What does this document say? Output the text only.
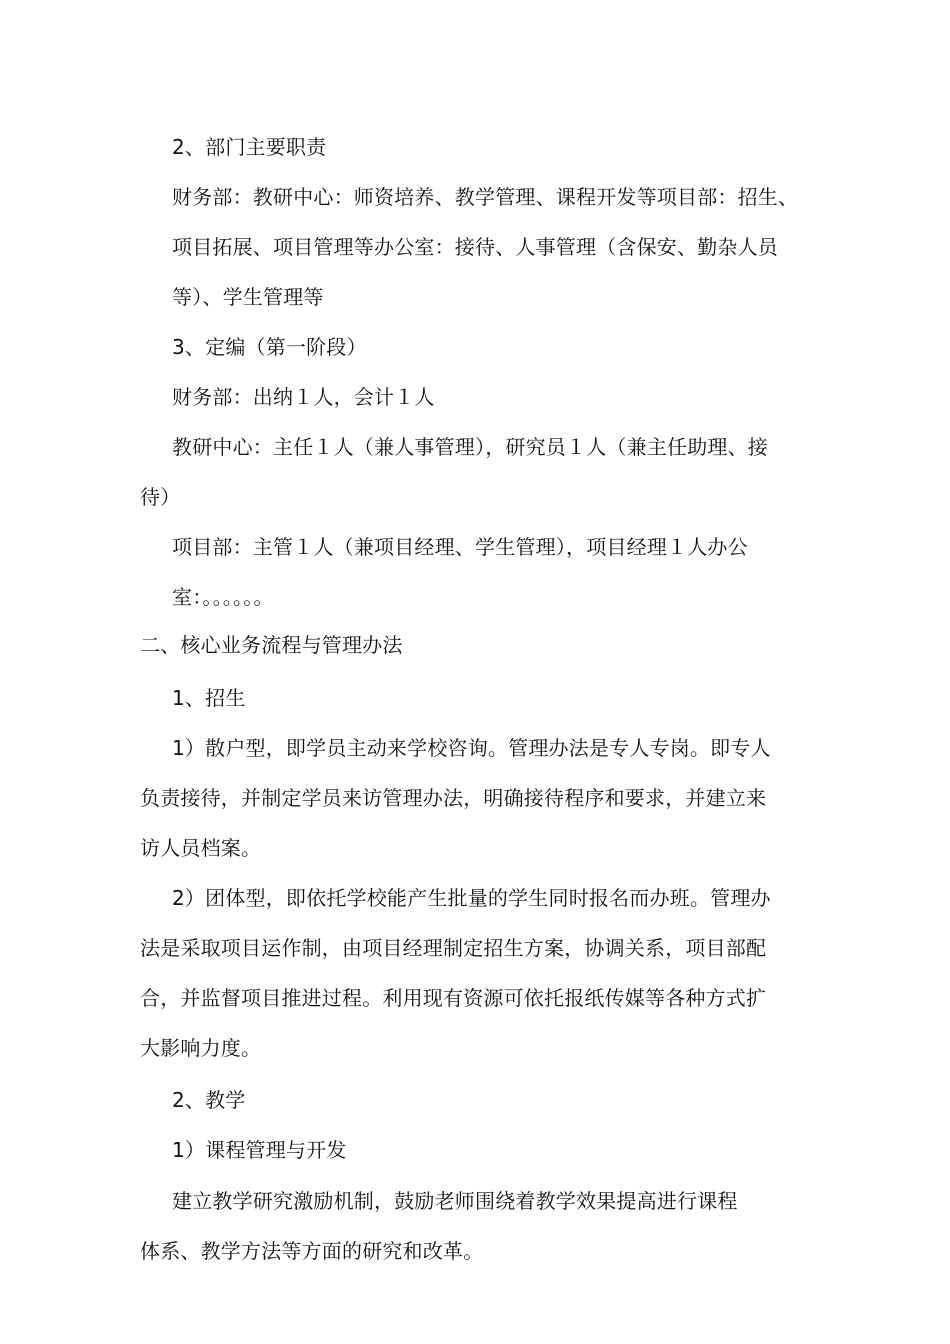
2、部门主要职责
财务部：教研中心：师资培养、教学管理、课程开发等项目部：招生、
项目拓展、项目管理等办公室：接待、人事管理（含保安、勤杂人员
等）、学生管理等
3、定编（第一阶段）
财务部：出纳１人，会计１人
教研中心：主任１人（兼人事管理），研究员１人（兼主任助理、接
待）
项目部：主管１人（兼项目经理、学生管理），项目经理１人办公
室：。。。。。。
二、核心业务流程与管理办法
1、招生
1）散户型，即学员主动来学校咨询。管理办法是专人专岗。即专人
负责接待，并制定学员来访管理办法，明确接待程序和要求，并建立来
访人员档案。
2）团体型，即依托学校能产生批量的学生同时报名而办班。管理办
法是采取项目运作制，由项目经理制定招生方案，协调关系，项目部配
合，并监督项目推进过程。利用现有资源可依托报纸传媒等各种方式扩
大影响力度。
2、教学
1）课程管理与开发
建立教学研究激励机制，鼓励老师围绕着教学效果提高进行课程
体系、教学方法等方面的研究和改革。
